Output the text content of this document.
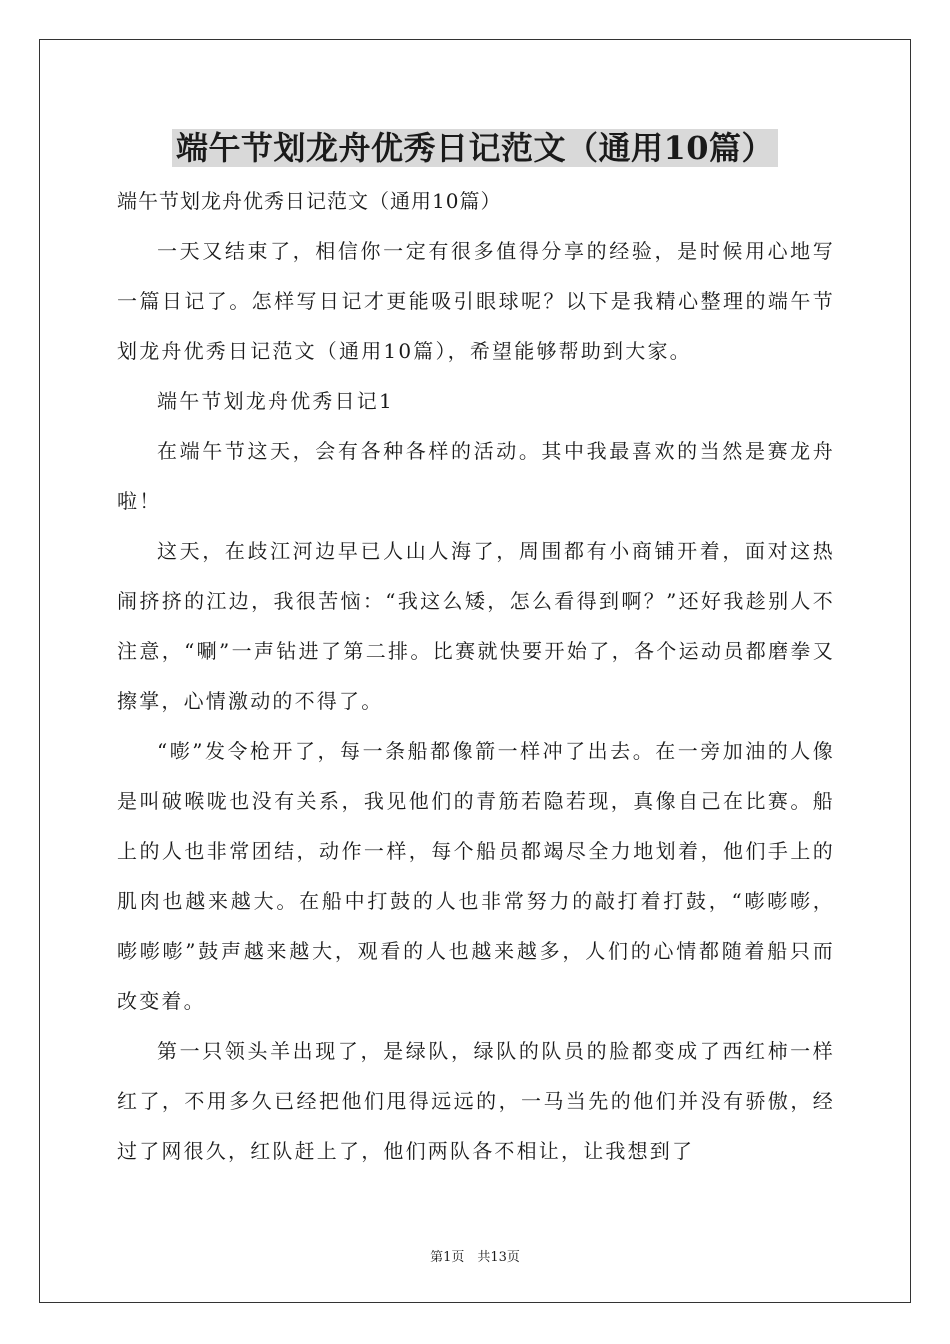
端午节划龙舟优秀日记范文（通用10篇）

端午节划龙舟优秀日记范文（通用10篇）

一天又结束了，相信你一定有很多值得分享的经验，是时候用心地写一篇日记了。怎样写日记才更能吸引眼球呢？以下是我精心整理的端午节划龙舟优秀日记范文（通用10篇），希望能够帮助到大家。

端午节划龙舟优秀日记1

在端午节这天，会有各种各样的活动。其中我最喜欢的当然是赛龙舟啦！

这天，在歧江河边早已人山人海了，周围都有小商铺开着，面对这热闹挤挤的江边，我很苦恼：“我这么矮，怎么看得到啊？”还好我趁别人不注意，“唰”一声钻进了第二排。比赛就快要开始了，各个运动员都磨拳又擦掌，心情激动的不得了。

“嘭”发令枪开了，每一条船都像箭一样冲了出去。在一旁加油的人像是叫破喉咙也没有关系，我见他们的青筋若隐若现，真像自己在比赛。船上的人也非常团结，动作一样，每个船员都竭尽全力地划着，他们手上的肌肉也越来越大。在船中打鼓的人也非常努力的敲打着打鼓，“嘭嘭嘭，嘭嘭嘭”鼓声越来越大，观看的人也越来越多，人们的心情都随着船只而改变着。

第一只领头羊出现了，是绿队，绿队的队员的脸都变成了西红柿一样红了，不用多久已经把他们甩得远远的，一马当先的他们并没有骄傲，经过了网很久，红队赶上了，他们两队各不相让，让我想到了

第1页　共13页
